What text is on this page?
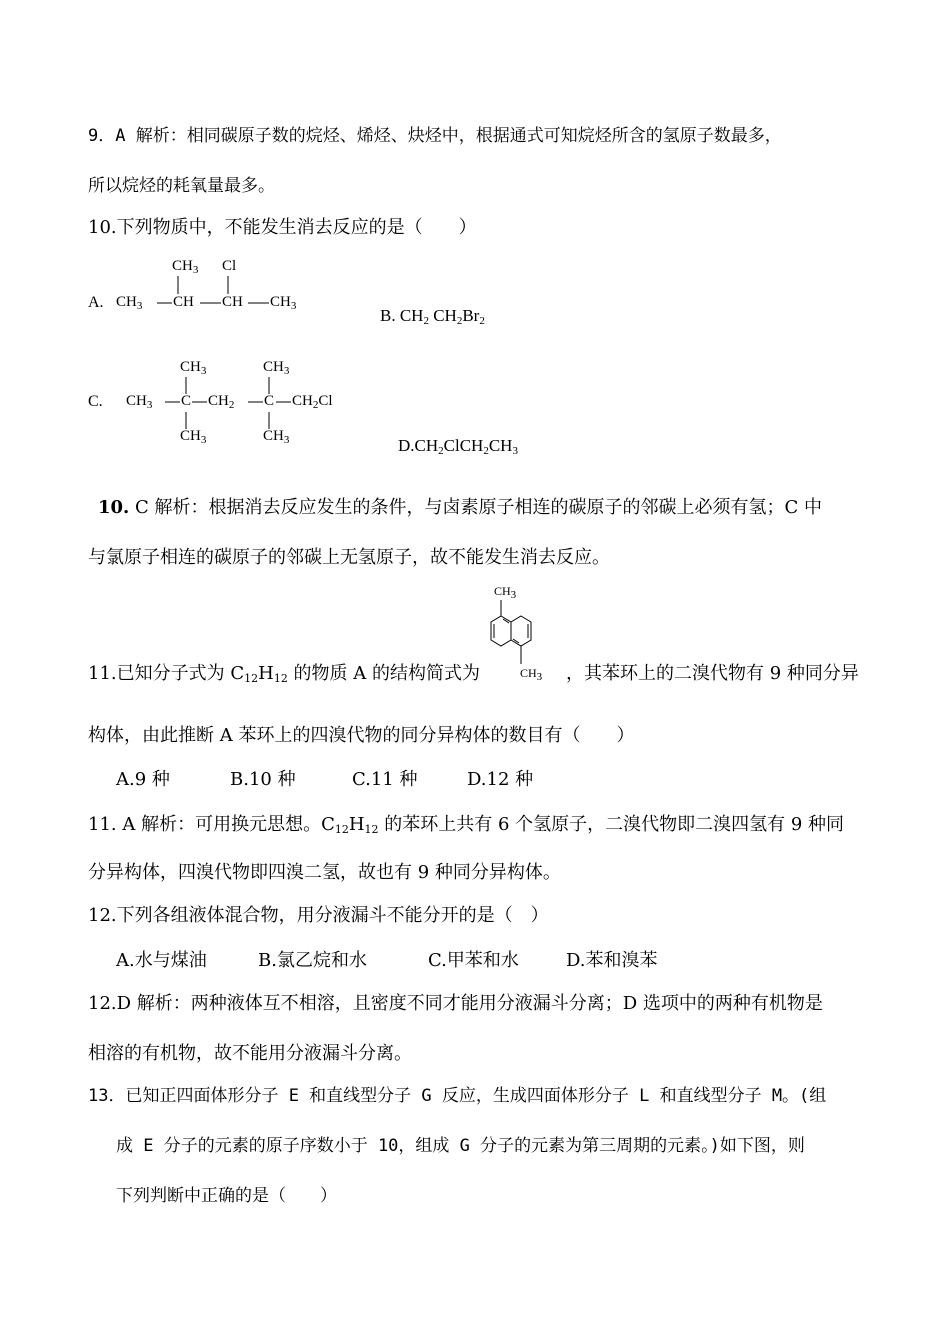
9．A 解析：相同碳原子数的烷烃、烯烃、炔烃中，根据通式可知烷烃所含的氢原子数最多，
所以烷烃的耗氧量最多。
10.下列物质中，不能发生消去反应的是（　　）
A.
$CH_3$ Cl
$CH_3$ CH CH $CH_3$	B. $CH_2$ $CH_2Br_2$
C.
$CH_3$	$CH_3$
$CH_3$ C $CH_2$ C $CH_2Cl$
$CH_3$	$CH_3$	$D.CH_2ClCH_2CH_3$
10. C 解析：根据消去反应发生的条件，与卤素原子相连的碳原子的邻碳上必须有氢；C 中
与氯原子相连的碳原子的邻碳上无氢原子，故不能发生消去反应。
$CH_3$
$CH_3$
11.已知分子式为 $C_{12}H_{12}$ 的物质 A 的结构简式为	，其苯环上的二溴代物有 9 种同分异
构体，由此推断 A 苯环上的四溴代物的同分异构体的数目有（　　）
A.9 种	B.10 种	C.11 种	D.12 种
11. A 解析：可用换元思想。$C_{12}H_{12}$ 的苯环上共有 6 个氢原子，二溴代物即二溴四氢有 9 种同
分异构体，四溴代物即四溴二氢，故也有 9 种同分异构体。
12.下列各组液体混合物，用分液漏斗不能分开的是（　）
A.水与煤油	B.氯乙烷和水	C.甲苯和水	D.苯和溴苯
12.D 解析：两种液体互不相溶，且密度不同才能用分液漏斗分离；D 选项中的两种有机物是
相溶的有机物，故不能用分液漏斗分离。
13．已知正四面体形分子 E 和直线型分子 G 反应，生成四面体形分子 L 和直线型分子 M。(组
成 E 分子的元素的原子序数小于 10，组成 G 分子的元素为第三周期的元素。)如下图，则
下列判断中正确的是（　　）
